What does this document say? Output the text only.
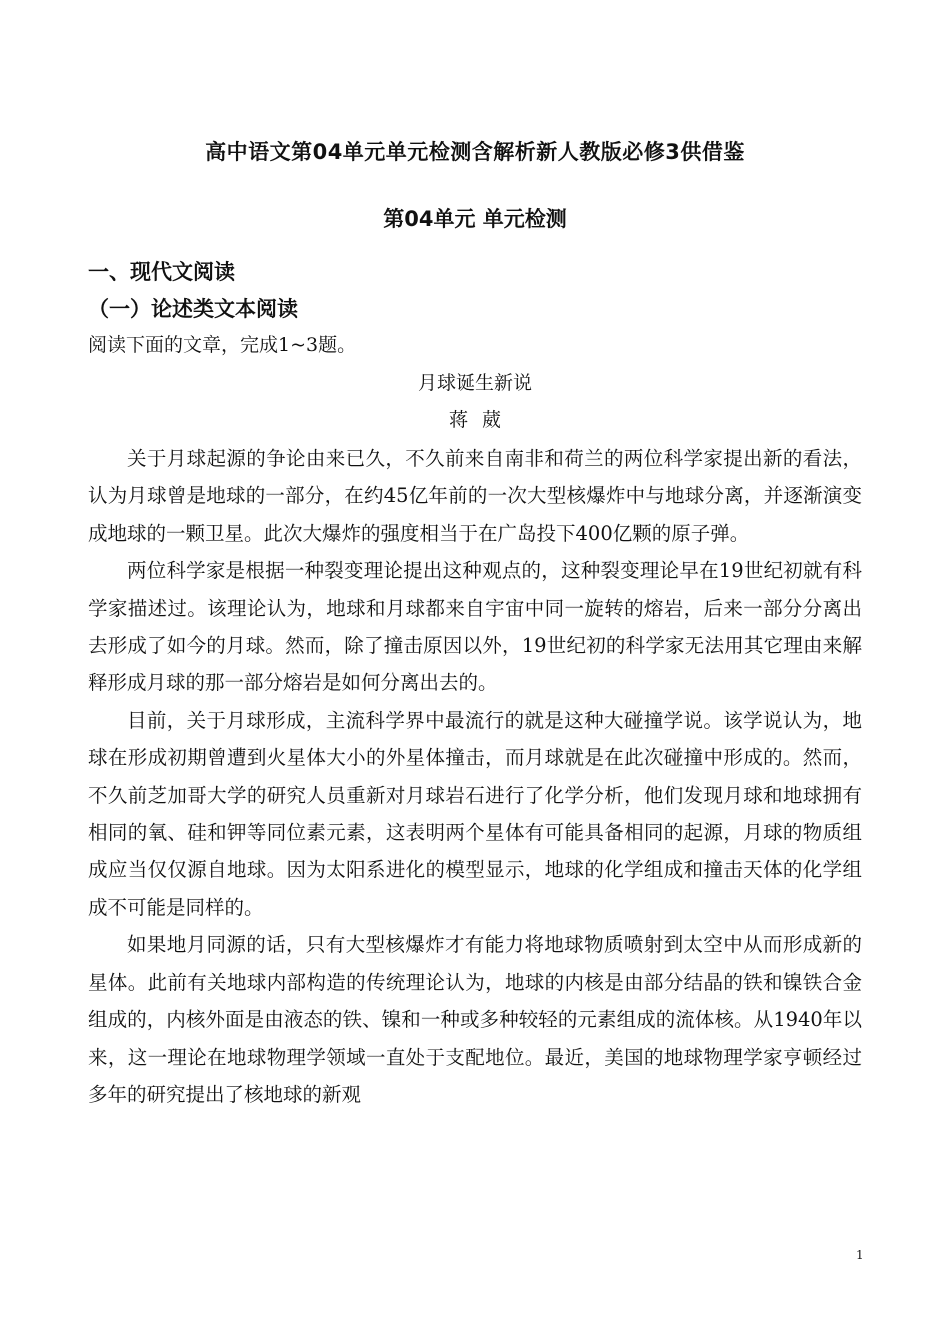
高中语文第04单元单元检测含解析新人教版必修3供借鉴
第04单元 单元检测
一、现代文阅读
（一）论述类文本阅读
阅读下面的文章，完成1~3题。
月球诞生新说
蒋葳

关于月球起源的争论由来已久，不久前来自南非和荷兰的两位科学家提出新的看法，认为月球曾是地球的一部分，在约45亿年前的一次大型核爆炸中与地球分离，并逐渐演变成地球的一颗卫星。此次大爆炸的强度相当于在广岛投下400亿颗的原子弹。

两位科学家是根据一种裂变理论提出这种观点的，这种裂变理论早在19世纪初就有科学家描述过。该理论认为，地球和月球都来自宇宙中同一旋转的熔岩，后来一部分分离出去形成了如今的月球。然而，除了撞击原因以外，19世纪初的科学家无法用其它理由来解释形成月球的那一部分熔岩是如何分离出去的。

目前，关于月球形成，主流科学界中最流行的就是这种大碰撞学说。该学说认为，地球在形成初期曾遭到火星体大小的外星体撞击，而月球就是在此次碰撞中形成的。然而，不久前芝加哥大学的研究人员重新对月球岩石进行了化学分析，他们发现月球和地球拥有相同的氧、硅和钾等同位素元素，这表明两个星体有可能具备相同的起源，月球的物质组成应当仅仅源自地球。因为太阳系进化的模型显示，地球的化学组成和撞击天体的化学组成不可能是同样的。

如果地月同源的话，只有大型核爆炸才有能力将地球物质喷射到太空中从而形成新的星体。此前有关地球内部构造的传统理论认为，地球的内核是由部分结晶的铁和镍铁合金组成的，内核外面是由液态的铁、镍和一种或多种较轻的元素组成的流体核。从1940年以来，这一理论在地球物理学领域一直处于支配地位。最近，美国的地球物理学家亨顿经过多年的研究提出了核地球的新观

1
